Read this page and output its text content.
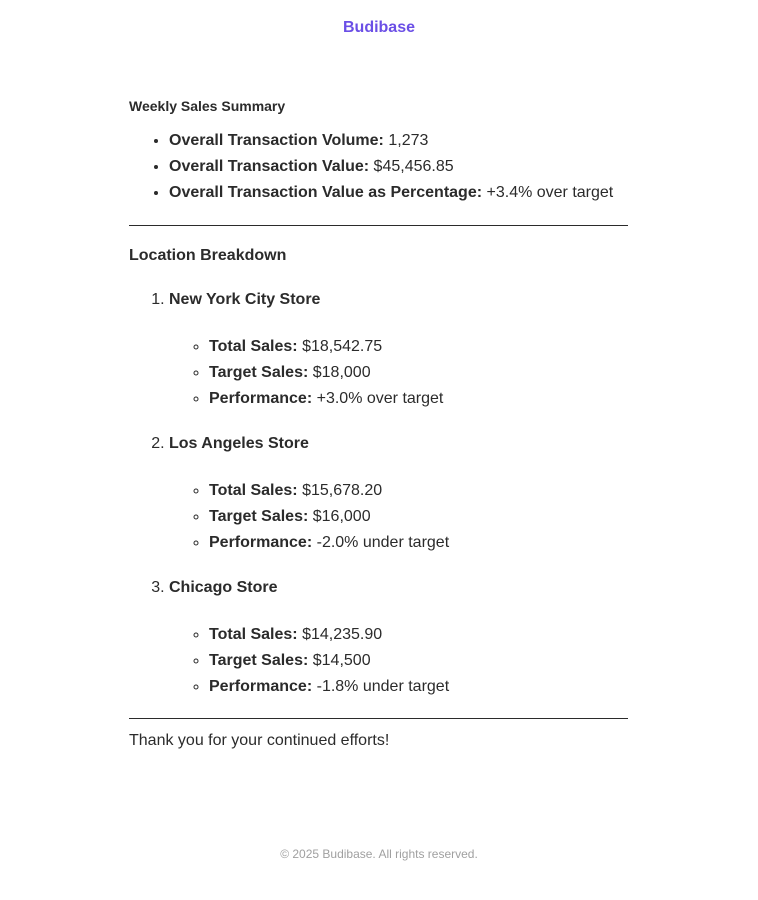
Budibase
Weekly Sales Summary
• Overall Transaction Volume: 1,273
• Overall Transaction Value: $45,456.85
• Overall Transaction Value as Percentage: +3.4% over target
Location Breakdown
1. New York City Store
◦ Total Sales: $18,542.75
◦ Target Sales: $18,000
◦ Performance: +3.0% over target
2. Los Angeles Store
◦ Total Sales: $15,678.20
◦ Target Sales: $16,000
◦ Performance: -2.0% under target
3. Chicago Store
◦ Total Sales: $14,235.90
◦ Target Sales: $14,500
◦ Performance: -1.8% under target

Thank you for your continued efforts!

© 2025 Budibase. All rights reserved.
